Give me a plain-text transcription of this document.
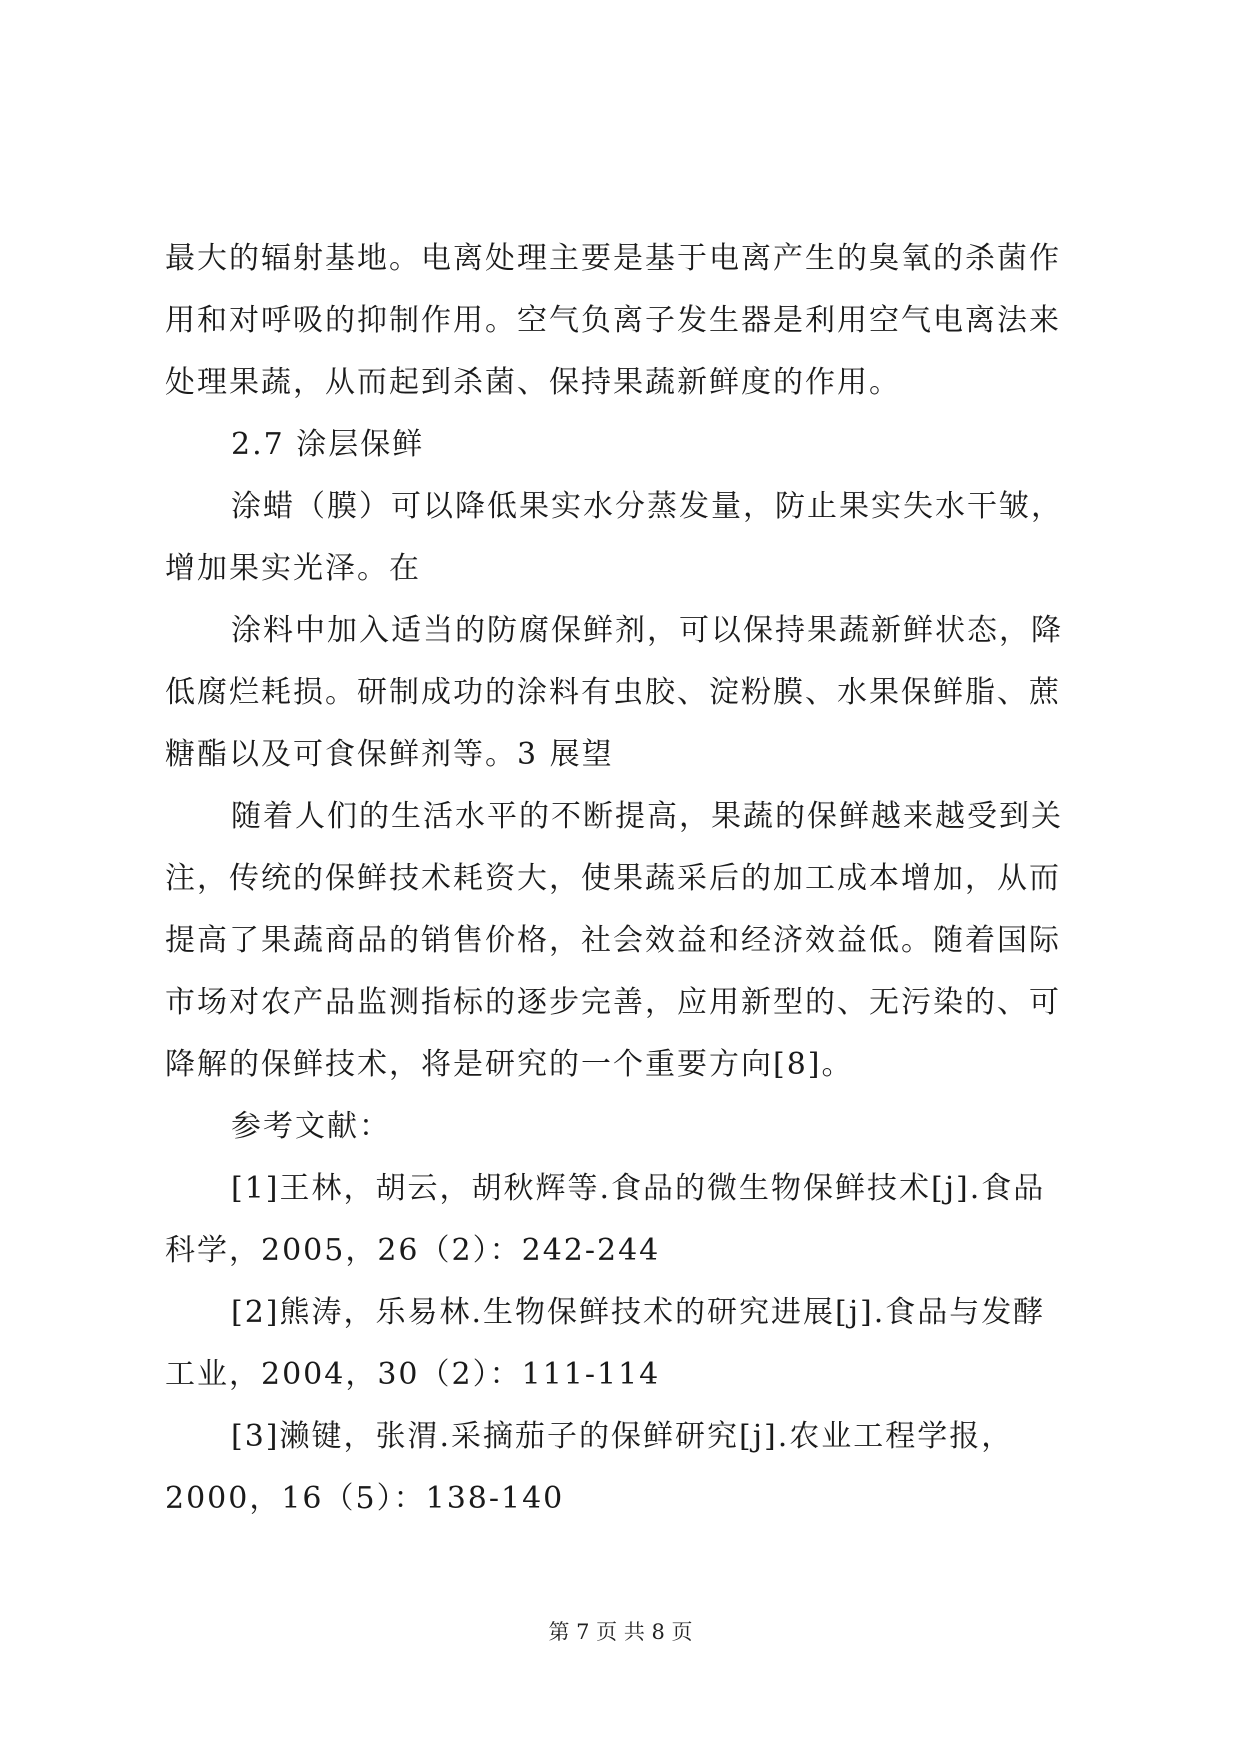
最大的辐射基地。电离处理主要是基于电离产生的臭氧的杀菌作
用和对呼吸的抑制作用。空气负离子发生器是利用空气电离法来
处理果蔬，从而起到杀菌、保持果蔬新鲜度的作用。
2.7 涂层保鲜
涂蜡（膜）可以降低果实水分蒸发量，防止果实失水干皱，
增加果实光泽。在
涂料中加入适当的防腐保鲜剂，可以保持果蔬新鲜状态，降
低腐烂耗损。研制成功的涂料有虫胶、淀粉膜、水果保鲜脂、蔗
糖酯以及可食保鲜剂等。3 展望
随着人们的生活水平的不断提高，果蔬的保鲜越来越受到关
注，传统的保鲜技术耗资大，使果蔬采后的加工成本增加，从而
提高了果蔬商品的销售价格，社会效益和经济效益低。随着国际
市场对农产品监测指标的逐步完善，应用新型的、无污染的、可
降解的保鲜技术，将是研究的一个重要方向[8]。
参考文献：
[1]王林，胡云，胡秋辉等.食品的微生物保鲜技术[j].食品
科学，2005，26（2）：242-244
[2]熊涛，乐易林.生物保鲜技术的研究进展[j].食品与发酵
工业，2004，30（2）：111-114
[3]濑键，张渭.采摘茄子的保鲜研究[j].农业工程学报，
2000，16（5）：138-140
第 7 页 共 8 页
